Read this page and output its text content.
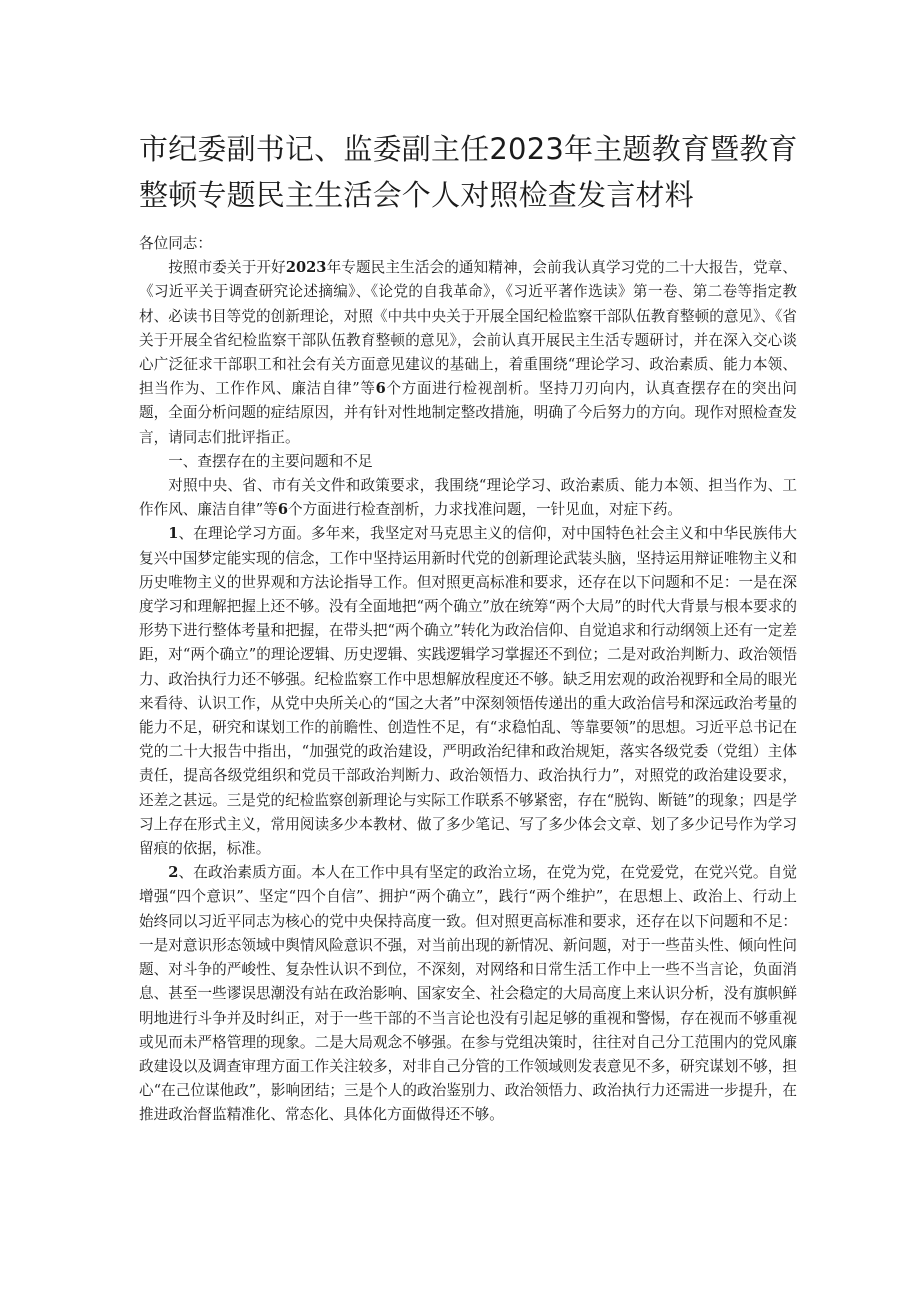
市纪委副书记、监委副主任2023年主题教育暨教育整顿专题民主生活会个人对照检查发言材料

各位同志：

按照市委关于开好2023年专题民主生活会的通知精神，会前我认真学习党的二十大报告，党章、《习近平关于调查研究论述摘编》、《论党的自我革命》，《习近平著作选读》第一卷、第二卷等指定教材、必读书目等党的创新理论，对照《中共中央关于开展全国纪检监察干部队伍教育整顿的意见》、《省关于开展全省纪检监察干部队伍教育整顿的意见》，会前认真开展民主生活专题研讨，并在深入交心谈心广泛征求干部职工和社会有关方面意见建议的基础上，着重围绕“理论学习、政治素质、能力本领、担当作为、工作作风、廉洁自律”等6个方面进行检视剖析。坚持刀刃向内，认真查摆存在的突出问题，全面分析问题的症结原因，并有针对性地制定整改措施，明确了今后努力的方向。现作对照检查发言，请同志们批评指正。

一、查摆存在的主要问题和不足

对照中央、省、市有关文件和政策要求，我围绕“理论学习、政治素质、能力本领、担当作为、工作作风、廉洁自律”等6个方面进行检查剖析，力求找准问题，一针见血，对症下药。

1、在理论学习方面。多年来，我坚定对马克思主义的信仰，对中国特色社会主义和中华民族伟大复兴中国梦定能实现的信念，工作中坚持运用新时代党的创新理论武装头脑，坚持运用辩证唯物主义和历史唯物主义的世界观和方法论指导工作。但对照更高标准和要求，还存在以下问题和不足：一是在深度学习和理解把握上还不够。没有全面地把“两个确立”放在统筹“两个大局”的时代大背景与根本要求的形势下进行整体考量和把握，在带头把“两个确立”转化为政治信仰、自觉追求和行动纲领上还有一定差距，对“两个确立”的理论逻辑、历史逻辑、实践逻辑学习掌握还不到位；二是对政治判断力、政治领悟力、政治执行力还不够强。纪检监察工作中思想解放程度还不够。缺乏用宏观的政治视野和全局的眼光来看待、认识工作，从党中央所关心的“国之大者”中深刻领悟传递出的重大政治信号和深远政治考量的能力不足，研究和谋划工作的前瞻性、创造性不足，有“求稳怕乱、等靠要领”的思想。习近平总书记在党的二十大报告中指出，“加强党的政治建设，严明政治纪律和政治规矩，落实各级党委（党组）主体责任，提高各级党组织和党员干部政治判断力、政治领悟力、政治执行力”，对照党的政治建设要求，还差之甚远。三是党的纪检监察创新理论与实际工作联系不够紧密，存在“脱钩、断链”的现象；四是学习上存在形式主义，常用阅读多少本教材、做了多少笔记、写了多少体会文章、划了多少记号作为学习留痕的依据，标准。

2、在政治素质方面。本人在工作中具有坚定的政治立场，在党为党，在党爱党，在党兴党。自觉增强“四个意识”、坚定“四个自信”、拥护“两个确立”，践行“两个维护”，在思想上、政治上、行动上始终同以习近平同志为核心的党中央保持高度一致。但对照更高标准和要求，还存在以下问题和不足：一是对意识形态领域中舆情风险意识不强，对当前出现的新情况、新问题，对于一些苗头性、倾向性问题、对斗争的严峻性、复杂性认识不到位，不深刻，对网络和日常生活工作中上一些不当言论，负面消息、甚至一些谬误思潮没有站在政治影响、国家安全、社会稳定的大局高度上来认识分析，没有旗帜鲜明地进行斗争并及时纠正，对于一些干部的不当言论也没有引起足够的重视和警惕，存在视而不够重视或见而未严格管理的现象。二是大局观念不够强。在参与党组决策时，往往对自己分工范围内的党风廉政建设以及调查审理方面工作关注较多，对非自己分管的工作领域则发表意见不多，研究谋划不够，担心“在己位谋他政”，影响团结；三是个人的政治鉴别力、政治领悟力、政治执行力还需进一步提升，在推进政治督监精准化、常态化、具体化方面做得还不够。
